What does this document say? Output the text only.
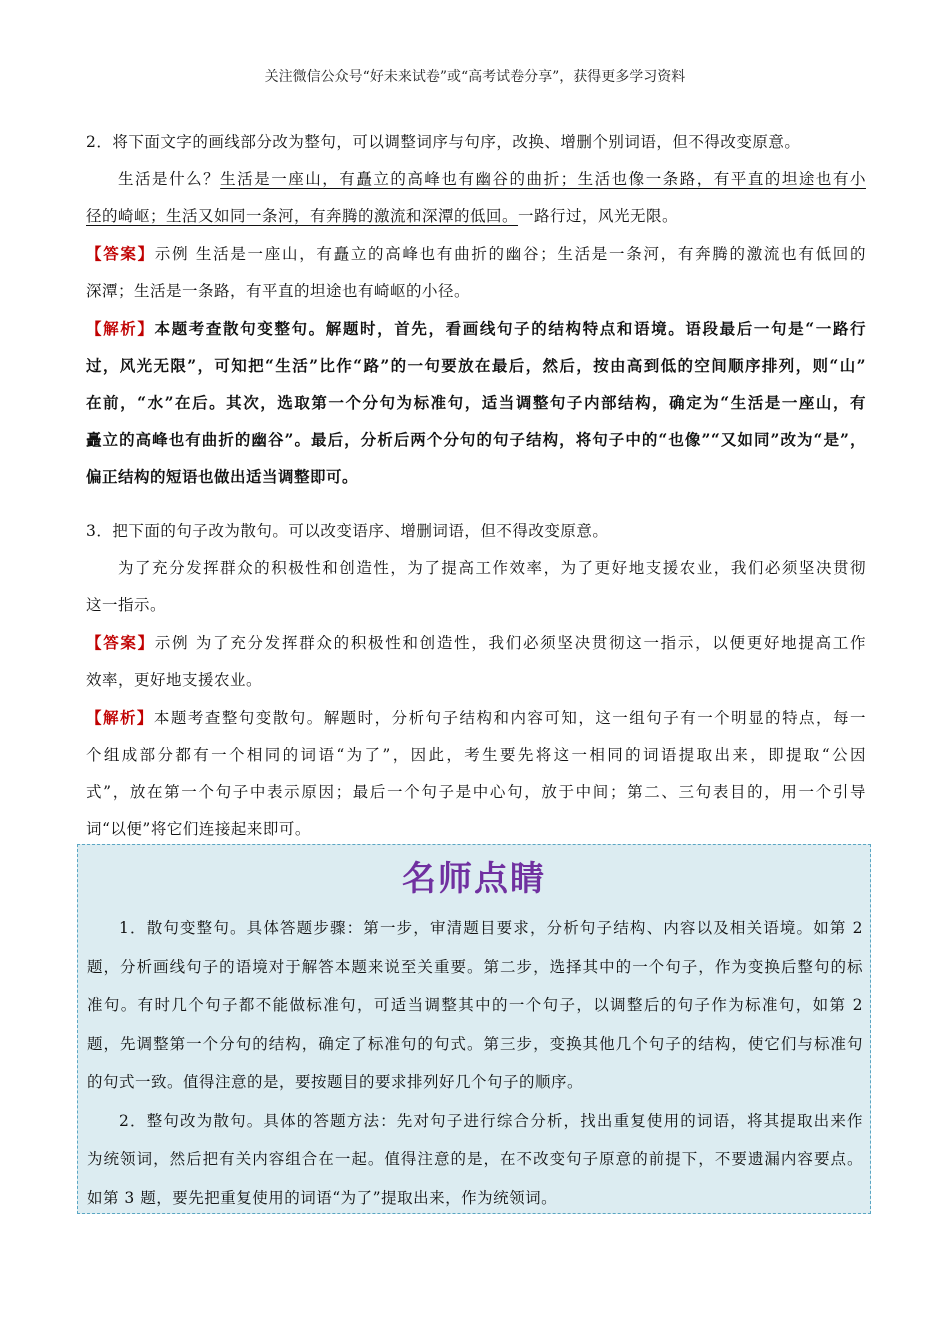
关注微信公众号“好未来试卷”或“高考试卷分享”，获得更多学习资料
2．将下面文字的画线部分改为整句，可以调整词序与句序，改换、增删个别词语，但不得改变原意。
生活是什么？生活是一座山，有矗立的高峰也有幽谷的曲折；生活也像一条路，有平直的坦途也有小
径的崎岖；生活又如同一条河，有奔腾的激流和深潭的低回。一路行过，风光无限。
【答案】示例 生活是一座山，有矗立的高峰也有曲折的幽谷；生活是一条河，有奔腾的激流也有低回的
深潭；生活是一条路，有平直的坦途也有崎岖的小径。
【解析】本题考查散句变整句。解题时，首先，看画线句子的结构特点和语境。语段最后一句是“一路行
过，风光无限”，可知把“生活”比作“路”的一句要放在最后，然后，按由高到低的空间顺序排列，则“山”
在前，“水”在后。其次，选取第一个分句为标准句，适当调整句子内部结构，确定为“生活是一座山，有
矗立的高峰也有曲折的幽谷”。最后，分析后两个分句的句子结构，将句子中的“也像”“又如同”改为“是”，
偏正结构的短语也做出适当调整即可。
3．把下面的句子改为散句。可以改变语序、增删词语，但不得改变原意。
为了充分发挥群众的积极性和创造性，为了提高工作效率，为了更好地支援农业，我们必须坚决贯彻
这一指示。
【答案】示例 为了充分发挥群众的积极性和创造性，我们必须坚决贯彻这一指示，以便更好地提高工作
效率，更好地支援农业。
【解析】本题考查整句变散句。解题时，分析句子结构和内容可知，这一组句子有一个明显的特点，每一
个组成部分都有一个相同的词语“为了”，因此，考生要先将这一相同的词语提取出来，即提取“公因
式”，放在第一个句子中表示原因；最后一个句子是中心句，放于中间；第二、三句表目的，用一个引导
词“以便”将它们连接起来即可。
名师点睛
1．散句变整句。具体答题步骤：第一步，审清题目要求，分析句子结构、内容以及相关语境。如第 2
题，分析画线句子的语境对于解答本题来说至关重要。第二步，选择其中的一个句子，作为变换后整句的标
准句。有时几个句子都不能做标准句，可适当调整其中的一个句子，以调整后的句子作为标准句，如第 2
题，先调整第一个分句的结构，确定了标准句的句式。第三步，变换其他几个句子的结构，使它们与标准句
的句式一致。值得注意的是，要按题目的要求排列好几个句子的顺序。
2．整句改为散句。具体的答题方法：先对句子进行综合分析，找出重复使用的词语，将其提取出来作
为统领词，然后把有关内容组合在一起。值得注意的是，在不改变句子原意的前提下，不要遗漏内容要点。
如第 3 题，要先把重复使用的词语“为了”提取出来，作为统领词。
